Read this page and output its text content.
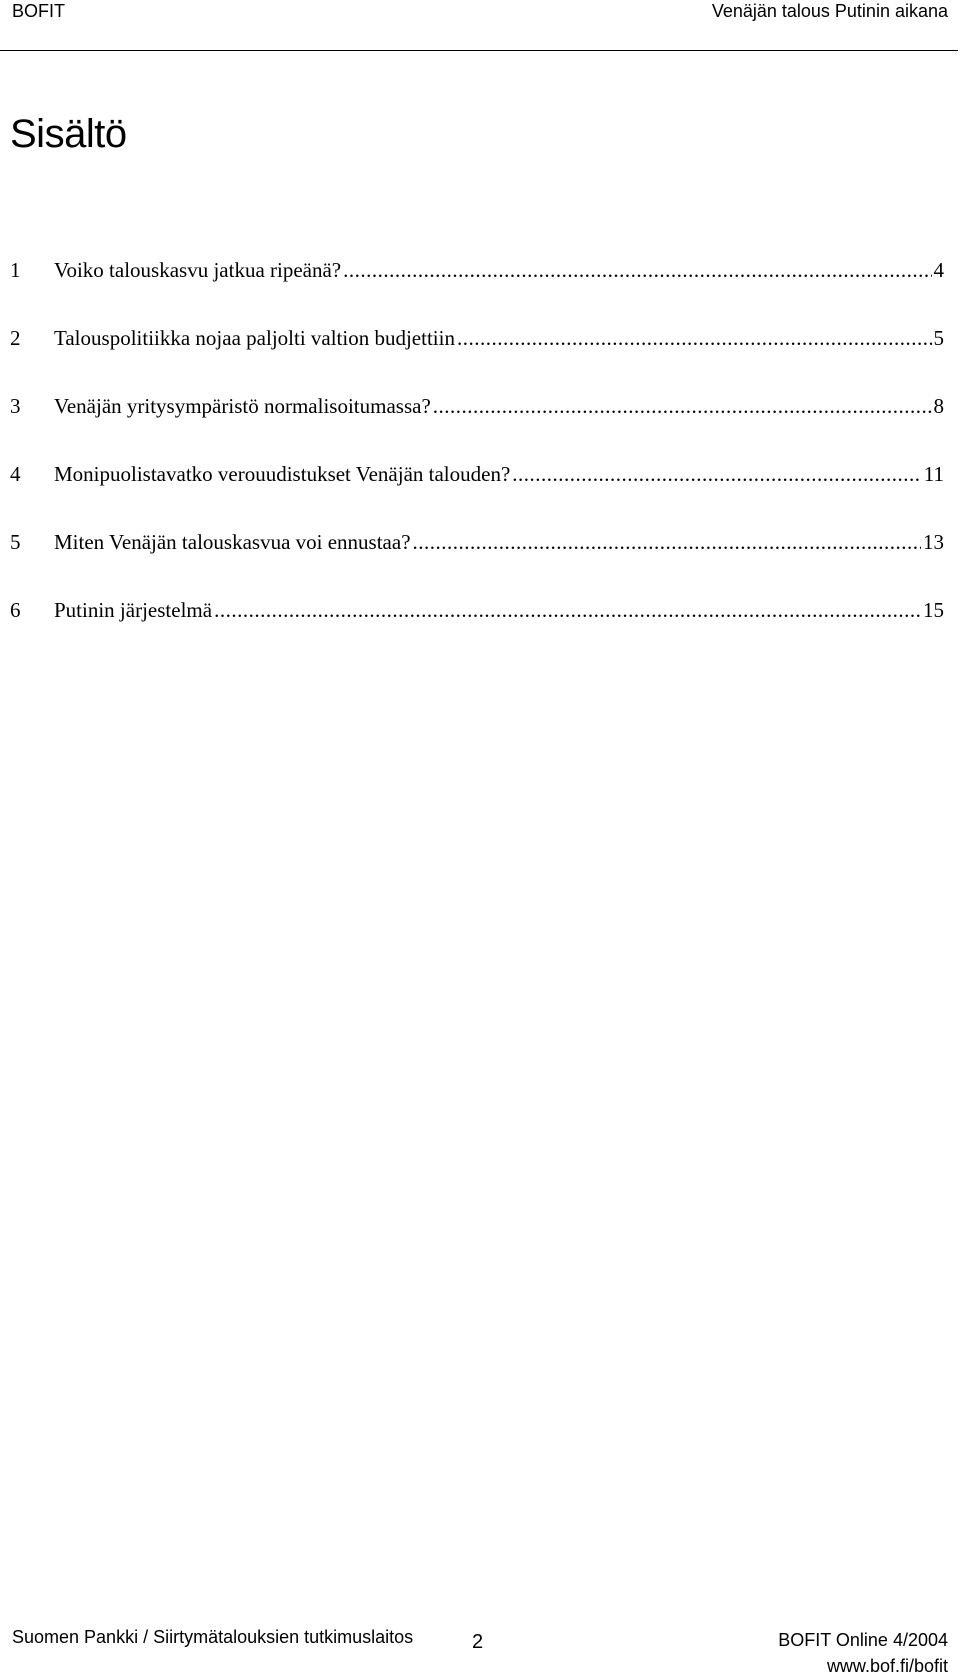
BOFIT	Venäjän talous Putinin aikana
Sisältö
1	Voiko talouskasvu jatkua ripeänä? .....	4
2	Talouspolitiikka nojaa paljolti valtion budjettiin .....	5
3	Venäjän yritysympäristö normalisoitumassa? .....	8
4	Monipuolistavatko verouudistukset Venäjän talouden? .....	11
5	Miten Venäjän talouskasvua voi ennustaa? .....	13
6	Putinin järjestelmä .....	15
Suomen Pankki / Siirtymätalouksien tutkimuslaitos	2	BOFIT Online 4/2004
www.bof.fi/bofit
